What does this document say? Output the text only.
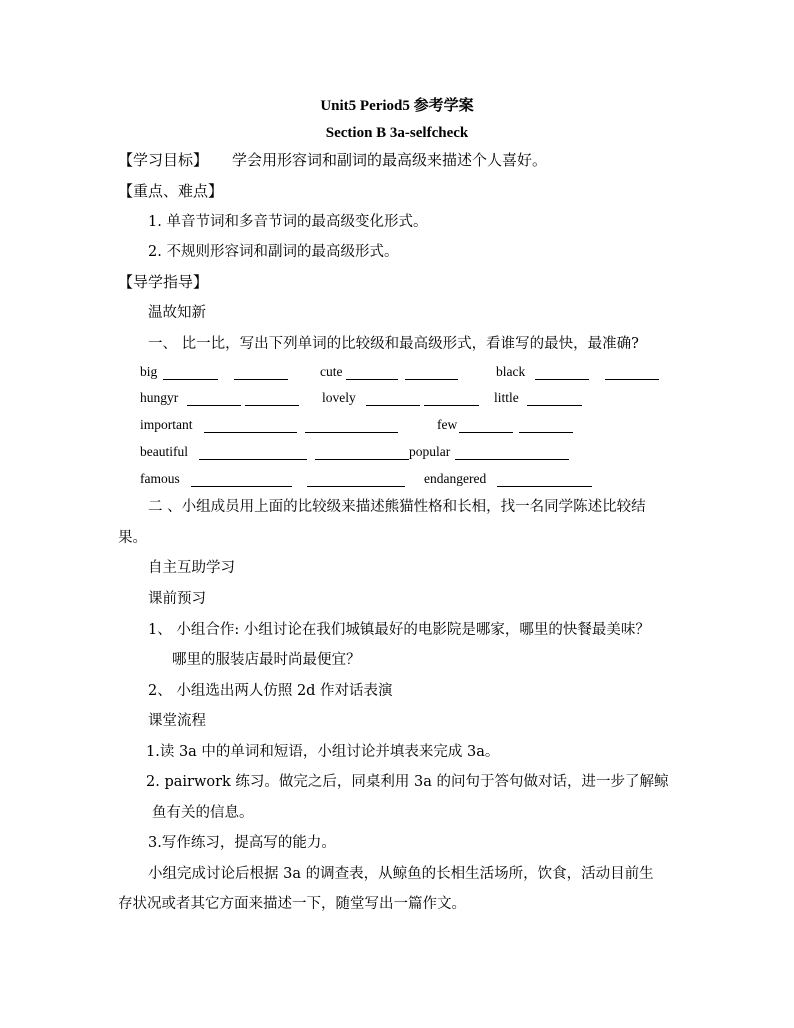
Unit5 Period5 参考学案
Section B 3a-selfcheck
【学习目标】 学会用形容词和副词的最高级来描述个人喜好。
【重点、难点】
1. 单音节词和多音节词的最高级变化形式。
2. 不规则形容词和副词的最高级形式。
【导学指导】
温故知新
一、 比一比，写出下列单词的比较级和最高级形式，看谁写的最快，最准确?
big	cute	black
hungyr	lovely	little
important	few
beautiful	popular
famous	endangered
二 、小组成员用上面的比较级来描述熊猫性格和长相，找一名同学陈述比较结
果。
自主互助学习
课前预习
1、 小组合作: 小组讨论在我们城镇最好的电影院是哪家，哪里的快餐最美味？
哪里的服装店最时尚最便宜？
2、 小组选出两人仿照 2d 作对话表演
课堂流程
1.读 3a 中的单词和短语，小组讨论并填表来完成 3a。
2. pairwork 练习。做完之后，同桌利用 3a 的问句于答句做对话，进一步了解鲸
鱼有关的信息。
3.写作练习，提高写的能力。
小组完成讨论后根据 3a 的调查表，从鲸鱼的长相生活场所，饮食，活动目前生
存状况或者其它方面来描述一下，随堂写出一篇作文。
